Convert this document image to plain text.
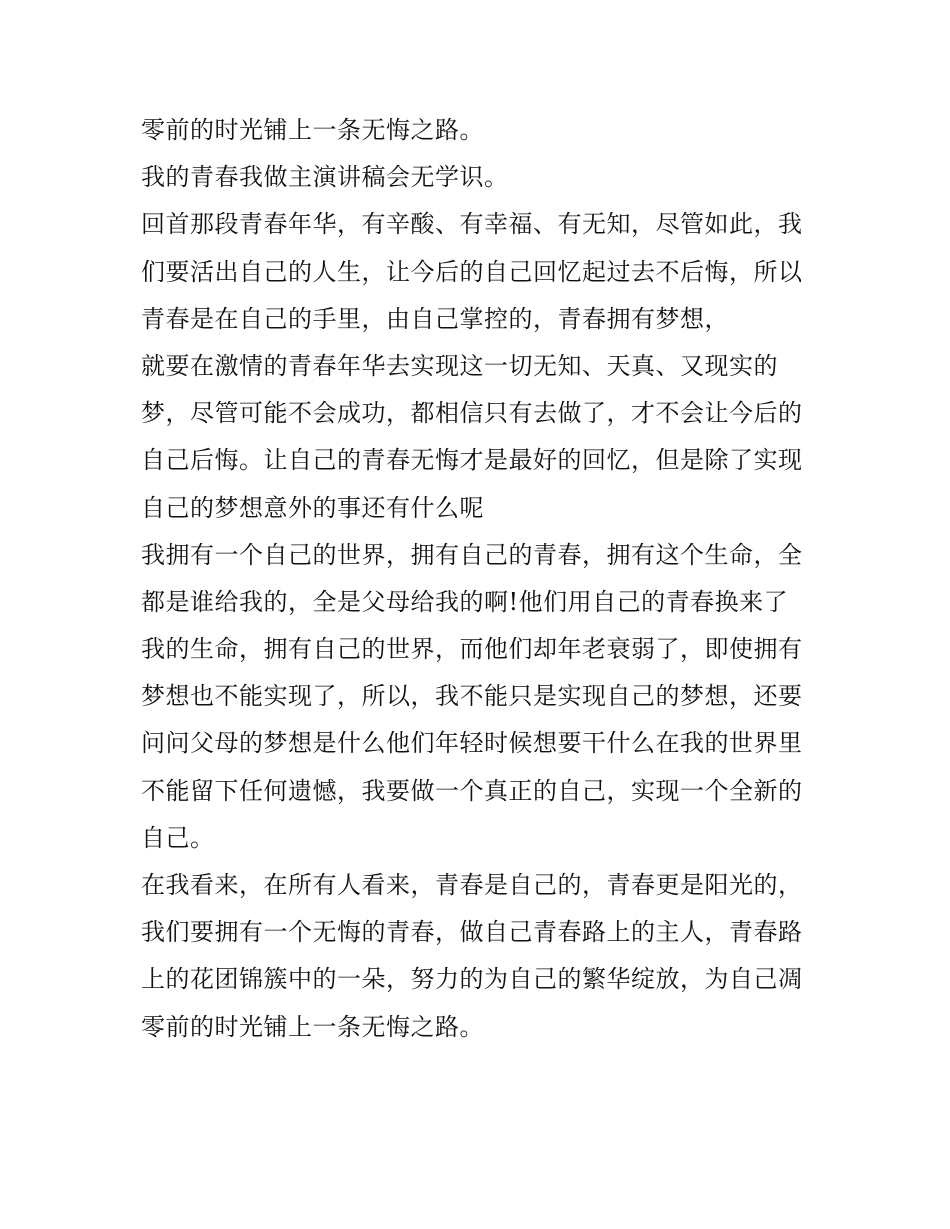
零前的时光铺上一条无悔之路。
我的青春我做主演讲稿会无学识。
回首那段青春年华，有辛酸、有幸福、有无知，尽管如此，我
们要活出自己的人生，让今后的自己回忆起过去不后悔，所以
青春是在自己的手里，由自己掌控的，青春拥有梦想，
就要在激情的青春年华去实现这一切无知、天真、又现实的
梦，尽管可能不会成功，都相信只有去做了，才不会让今后的
自己后悔。让自己的青春无悔才是最好的回忆，但是除了实现
自己的梦想意外的事还有什么呢
我拥有一个自己的世界，拥有自己的青春，拥有这个生命，全
都是谁给我的，全是父母给我的啊!他们用自己的青春换来了
我的生命，拥有自己的世界，而他们却年老衰弱了，即使拥有
梦想也不能实现了，所以，我不能只是实现自己的梦想，还要
问问父母的梦想是什么他们年轻时候想要干什么在我的世界里
不能留下任何遗憾，我要做一个真正的自己，实现一个全新的
自己。
在我看来，在所有人看来，青春是自己的，青春更是阳光的，
我们要拥有一个无悔的青春，做自己青春路上的主人，青春路
上的花团锦簇中的一朵，努力的为自己的繁华绽放，为自己凋
零前的时光铺上一条无悔之路。
